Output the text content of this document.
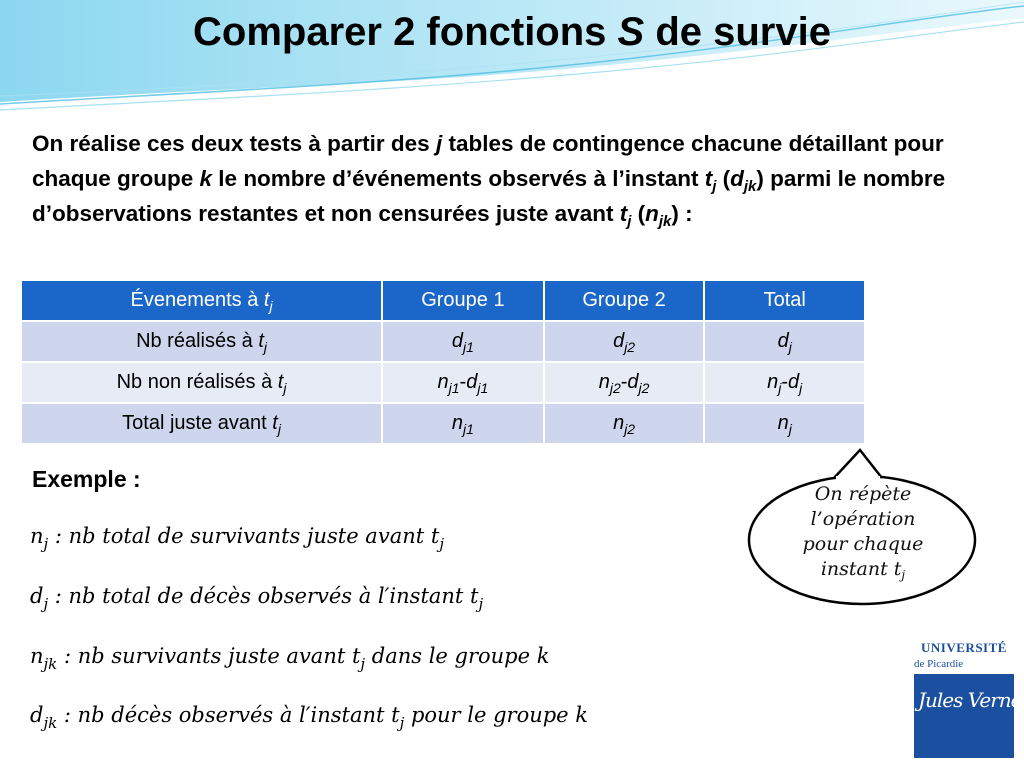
Comparer 2 fonctions S de survie
On réalise ces deux tests à partir des j tables de contingence chacune détaillant pour chaque groupe k le nombre d’événements observés à l’instant $t_j$ $(d_{jk})$ parmi le nombre d’observations restantes et non censurées juste avant $t_j$ $(n_{jk})$ :
Évenements à $t_j$	Groupe 1	Groupe 2	Total
Nb réalisés à $t_j$	$d_{j1}$	$d_{j2}$	$d_j$
Nb non réalisés à $t_j$	$n_{j1}-d_{j1}$	$n_{j2}-d_{j2}$	$n_j-d_j$
Total juste avant $t_j$	$n_{j1}$	$n_{j2}$	$n_j$
Exemple :
$n_j$ : nb total de survivants juste avant $t_j$
$d_j$ : nb total de décès observés à l′instant $t_j$
$n_{jk}$ : nb survivants juste avant $t_j$ dans le groupe k
$d_{jk}$ : nb décès observés à l′instant $t_j$ pour le groupe k
On répète
l’opération
pour chaque
instant $t_j$
UNIVERSITÉ
de Picardie
Jules Verne
